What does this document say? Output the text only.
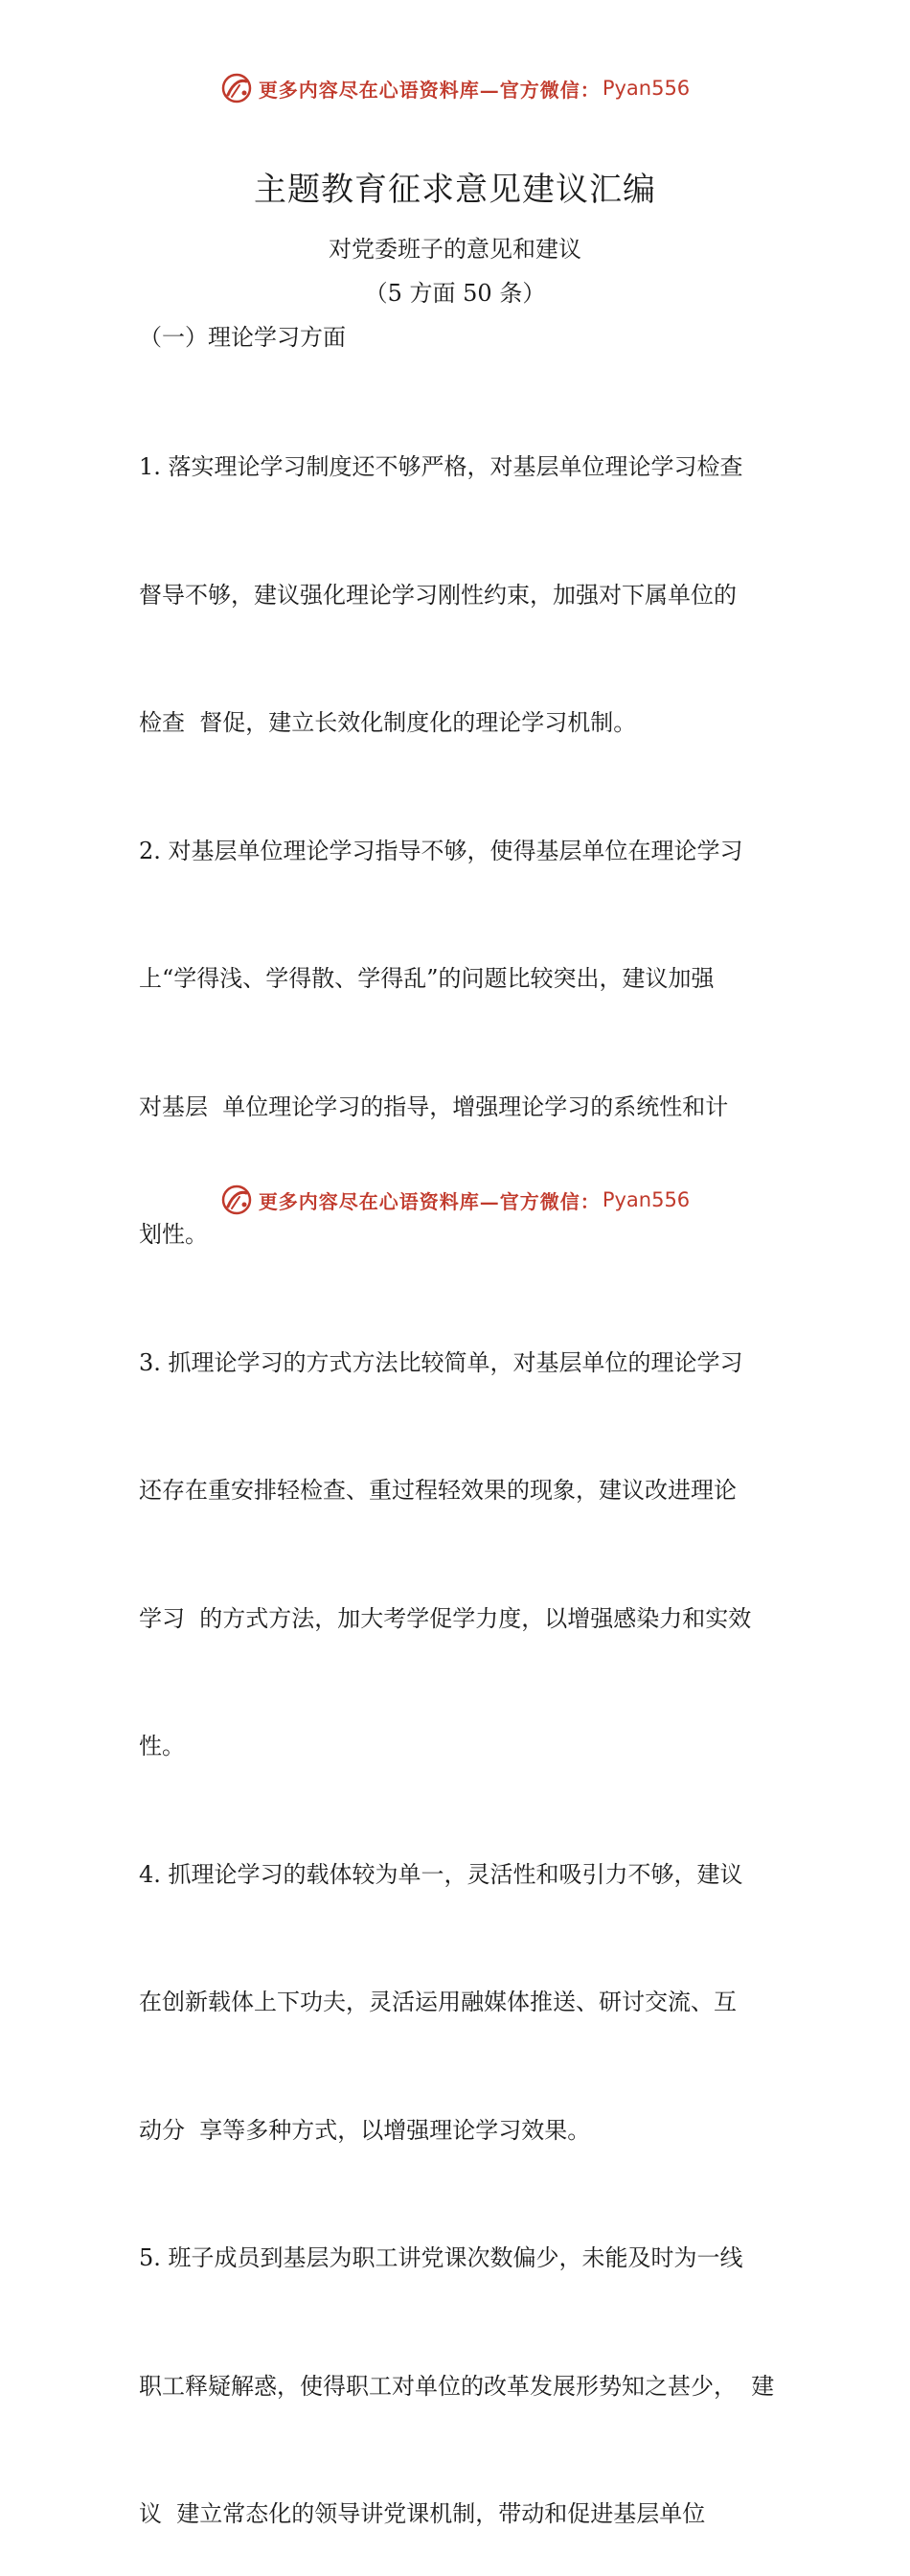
更多内容尽在心语资料库—官方微信： Pyan556
主题教育征求意见建议汇编
对党委班子的意见和建议
（5 方面 50 条）
（一）理论学习方面

1. 落实理论学习制度还不够严格，对基层单位理论学习检查

督导不够，建议强化理论学习刚性约束，加强对下属单位的

检查  督促，建立长效化制度化的理论学习机制。

2. 对基层单位理论学习指导不够，使得基层单位在理论学习

上“学得浅、学得散、学得乱”的问题比较突出，建议加强

对基层  单位理论学习的指导，增强理论学习的系统性和计

划性。

3. 抓理论学习的方式方法比较简单，对基层单位的理论学习

还存在重安排轻检查、重过程轻效果的现象，建议改进理论

学习  的方式方法，加大考学促学力度，以增强感染力和实效

性。

4. 抓理论学习的载体较为单一，灵活性和吸引力不够，建议

在创新载体上下功夫，灵活运用融媒体推送、研讨交流、互

动分  享等多种方式，以增强理论学习效果。

5. 班子成员到基层为职工讲党课次数偏少，未能及时为一线

职工释疑解惑，使得职工对单位的改革发展形势知之甚少，  建

议  建立常态化的领导讲党课机制，带动和促进基层单位

更多内容尽在心语资料库—官方微信： Pyan556
